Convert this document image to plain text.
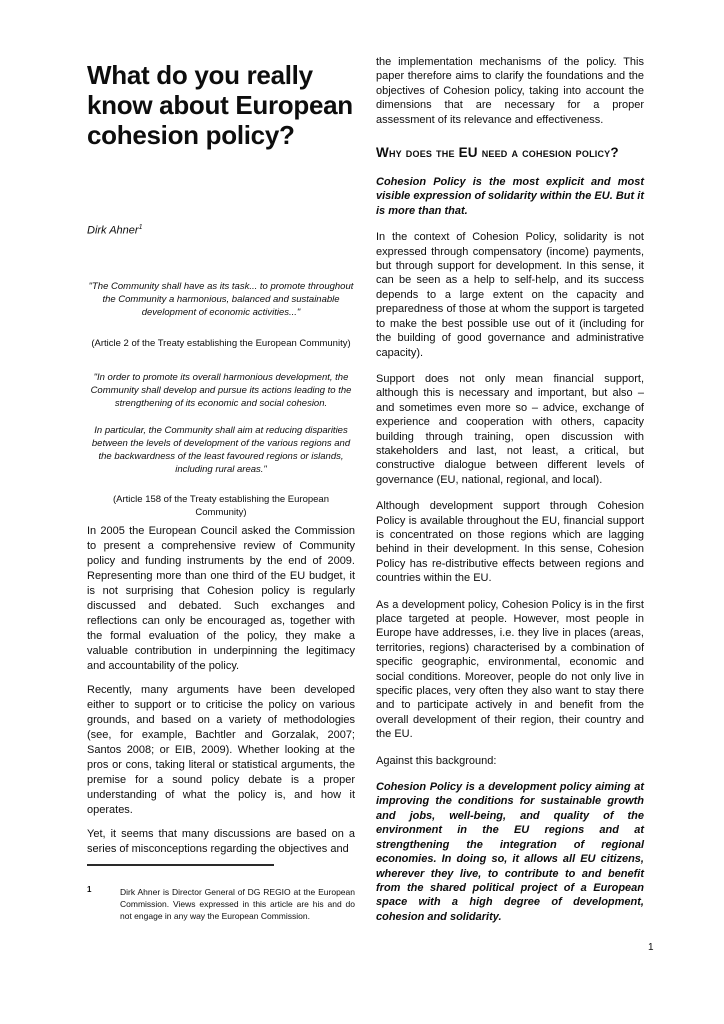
What do you really know about European cohesion policy?
Dirk Ahner$^1$

"The Community shall have as its task... to promote throughout the Community a harmonious, balanced and sustainable development of economic activities..."

(Article 2 of the Treaty establishing the European Community)

"In order to promote its overall harmonious development, the Community shall develop and pursue its actions leading to the strengthening of its economic and social cohesion.

In particular, the Community shall aim at reducing disparities between the levels of development of the various regions and the backwardness of the least favoured regions or islands, including rural areas."

(Article 158 of the Treaty establishing the European Community)

In 2005 the European Council asked the Commission to present a comprehensive review of Community policy and funding instruments by the end of 2009. Representing more than one third of the EU budget, it is not surprising that Cohesion policy is regularly discussed and debated. Such exchanges and reflections can only be encouraged as, together with the formal evaluation of the policy, they make a valuable contribution in underpinning the legitimacy and accountability of the policy.

Recently, many arguments have been developed either to support or to criticise the policy on various grounds, and based on a variety of methodologies (see, for example, Bachtler and Gorzalak, 2007; Santos 2008; or EIB, 2009). Whether looking at the pros or cons, taking literal or statistical arguments, the premise for a sound policy debate is a proper understanding of what the policy is, and how it operates.

Yet, it seems that many discussions are based on a series of misconceptions regarding the objectives and

1	Dirk Ahner is Director General of DG REGIO at the European Commission. Views expressed in this article are his and do not engage in any way the European Commission.

the implementation mechanisms of the policy. This paper therefore aims to clarify the foundations and the objectives of Cohesion policy, taking into account the dimensions that are necessary for a proper assessment of its relevance and effectiveness.

Why does the EU need a cohesion policy?

Cohesion Policy is the most explicit and most visible expression of solidarity within the EU. But it is more than that.

In the context of Cohesion Policy, solidarity is not expressed through compensatory (income) payments, but through support for development. In this sense, it can be seen as a help to self-help, and its success depends to a large extent on the capacity and preparedness of those at whom the support is targeted to make the best possible use out of it (including for the building of good governance and administrative capacity).

Support does not only mean financial support, although this is necessary and important, but also – and sometimes even more so – advice, exchange of experience and cooperation with others, capacity building through training, open discussion with stakeholders and last, not least, a critical, but constructive dialogue between different levels of governance (EU, national, regional, and local).

Although development support through Cohesion Policy is available throughout the EU, financial support is concentrated on those regions which are lagging behind in their development. In this sense, Cohesion Policy has re-distributive effects between regions and countries within the EU.

As a development policy, Cohesion Policy is in the first place targeted at people. However, most people in Europe have addresses, i.e. they live in places (areas, territories, regions) characterised by a combination of specific geographic, environmental, economic and social conditions. Moreover, people do not only live in specific places, very often they also want to stay there and to participate actively in and benefit from the overall development of their region, their country and the EU.

Against this background:

Cohesion Policy is a development policy aiming at improving the conditions for sustainable growth and jobs, well-being, and quality of the environment in the EU regions and at strengthening the integration of regional economies. In doing so, it allows all EU citizens, wherever they live, to contribute to and benefit from the shared political project of a European space with a high degree of development, cohesion and solidarity.

1
